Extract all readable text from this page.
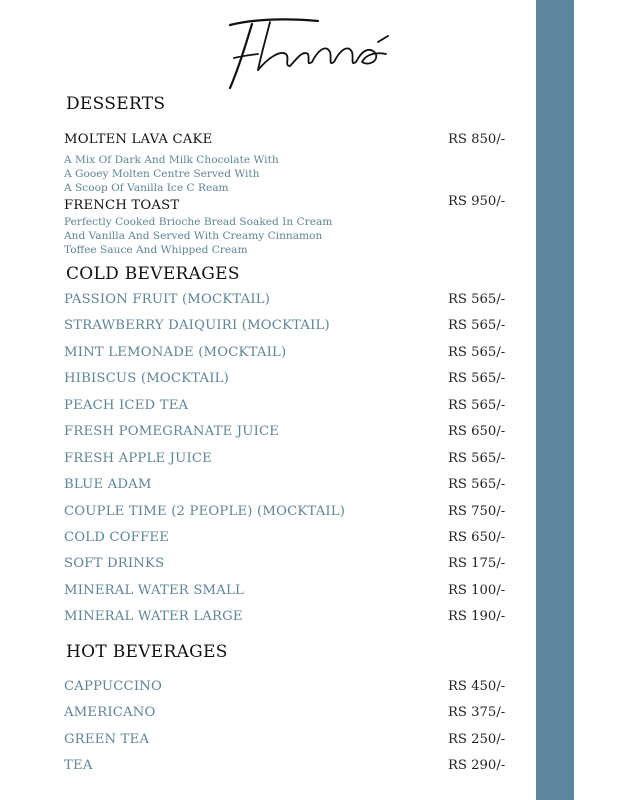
DESSERTS
MOLTEN LAVA CAKE	RS 850/-
A Mix Of Dark And Milk Chocolate With
A Gooey Molten Centre Served With
A Scoop Of Vanilla Ice C Ream
FRENCH TOAST	RS 950/-
Perfectly Cooked Brioche Bread Soaked In Cream
And Vanilla And Served With Creamy Cinnamon
Toffee Sauce And Whipped Cream
COLD BEVERAGES
PASSION FRUIT (MOCKTAIL)	RS 565/-
STRAWBERRY DAIQUIRI (MOCKTAIL)	RS 565/-
MINT LEMONADE (MOCKTAIL)	RS 565/-
HIBISCUS (MOCKTAIL)	RS 565/-
PEACH ICED TEA	RS 565/-
FRESH POMEGRANATE JUICE	RS 650/-
FRESH APPLE JUICE	RS 565/-
BLUE ADAM	RS 565/-
COUPLE TIME (2 PEOPLE) (MOCKTAIL)	RS 750/-
COLD COFFEE	RS 650/-
SOFT DRINKS	RS 175/-
MINERAL WATER SMALL	RS 100/-
MINERAL WATER LARGE	RS 190/-
HOT BEVERAGES
CAPPUCCINO	RS 450/-
AMERICANO	RS 375/-
GREEN TEA	RS 250/-
TEA	RS 290/-
